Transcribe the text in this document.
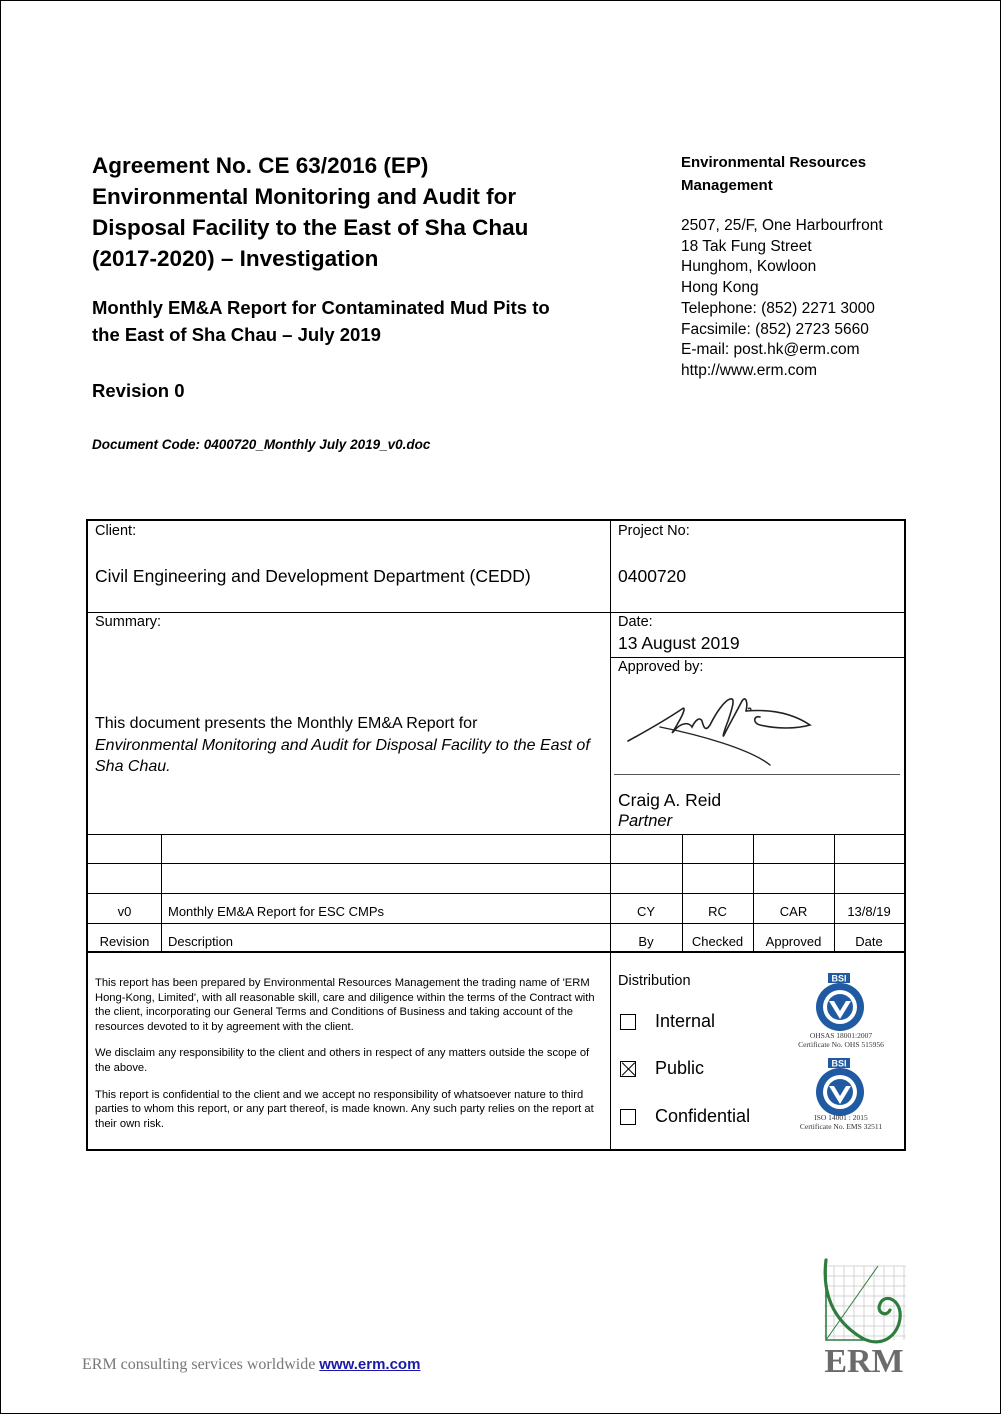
Agreement No. CE 63/2016 (EP)
Environmental Monitoring and Audit for
Disposal Facility to the East of Sha Chau
(2017-2020) – Investigation
Monthly EM&A Report for Contaminated Mud Pits to
the East of Sha Chau – July 2019
Revision 0
Document Code: 0400720_Monthly July 2019_v0.doc
Environmental Resources
Management
2507, 25/F, One Harbourfront
18 Tak Fung Street
Hunghom, Kowloon
Hong Kong
Telephone: (852) 2271 3000
Facsimile: (852) 2723 5660
E-mail: post.hk@erm.com
http://www.erm.com
Client:
Civil Engineering and Development Department (CEDD)
Project No:
0400720
Summary:
This document presents the Monthly EM&A Report for
Environmental Monitoring and Audit for Disposal Facility to the East of Sha Chau.
Date:
13 August 2019
Approved by:
Craig A. Reid
Partner
v0	Monthly EM&A Report for ESC CMPs	CY	RC	CAR	13/8/19
Revision	Description	By	Checked	Approved	Date

This report has been prepared by Environmental Resources Management the trading name of 'ERM Hong-Kong, Limited', with all reasonable skill, care and diligence within the terms of the Contract with the client, incorporating our General Terms and Conditions of Business and taking account of the resources devoted to it by agreement with the client.

We disclaim any responsibility to the client and others in respect of any matters outside the scope of the above.

This report is confidential to the client and we accept no responsibility of whatsoever nature to third parties to whom this report, or any part thereof, is made known. Any such party relies on the report at their own risk.

Distribution
Internal
Public
Confidential
BSI
OHSAS 18001:2007
Certificate No. OHS 515956
BSI
ISO 14001 : 2015
Certificate No. EMS 32511
ERM consulting services worldwide www.erm.com	ERM
